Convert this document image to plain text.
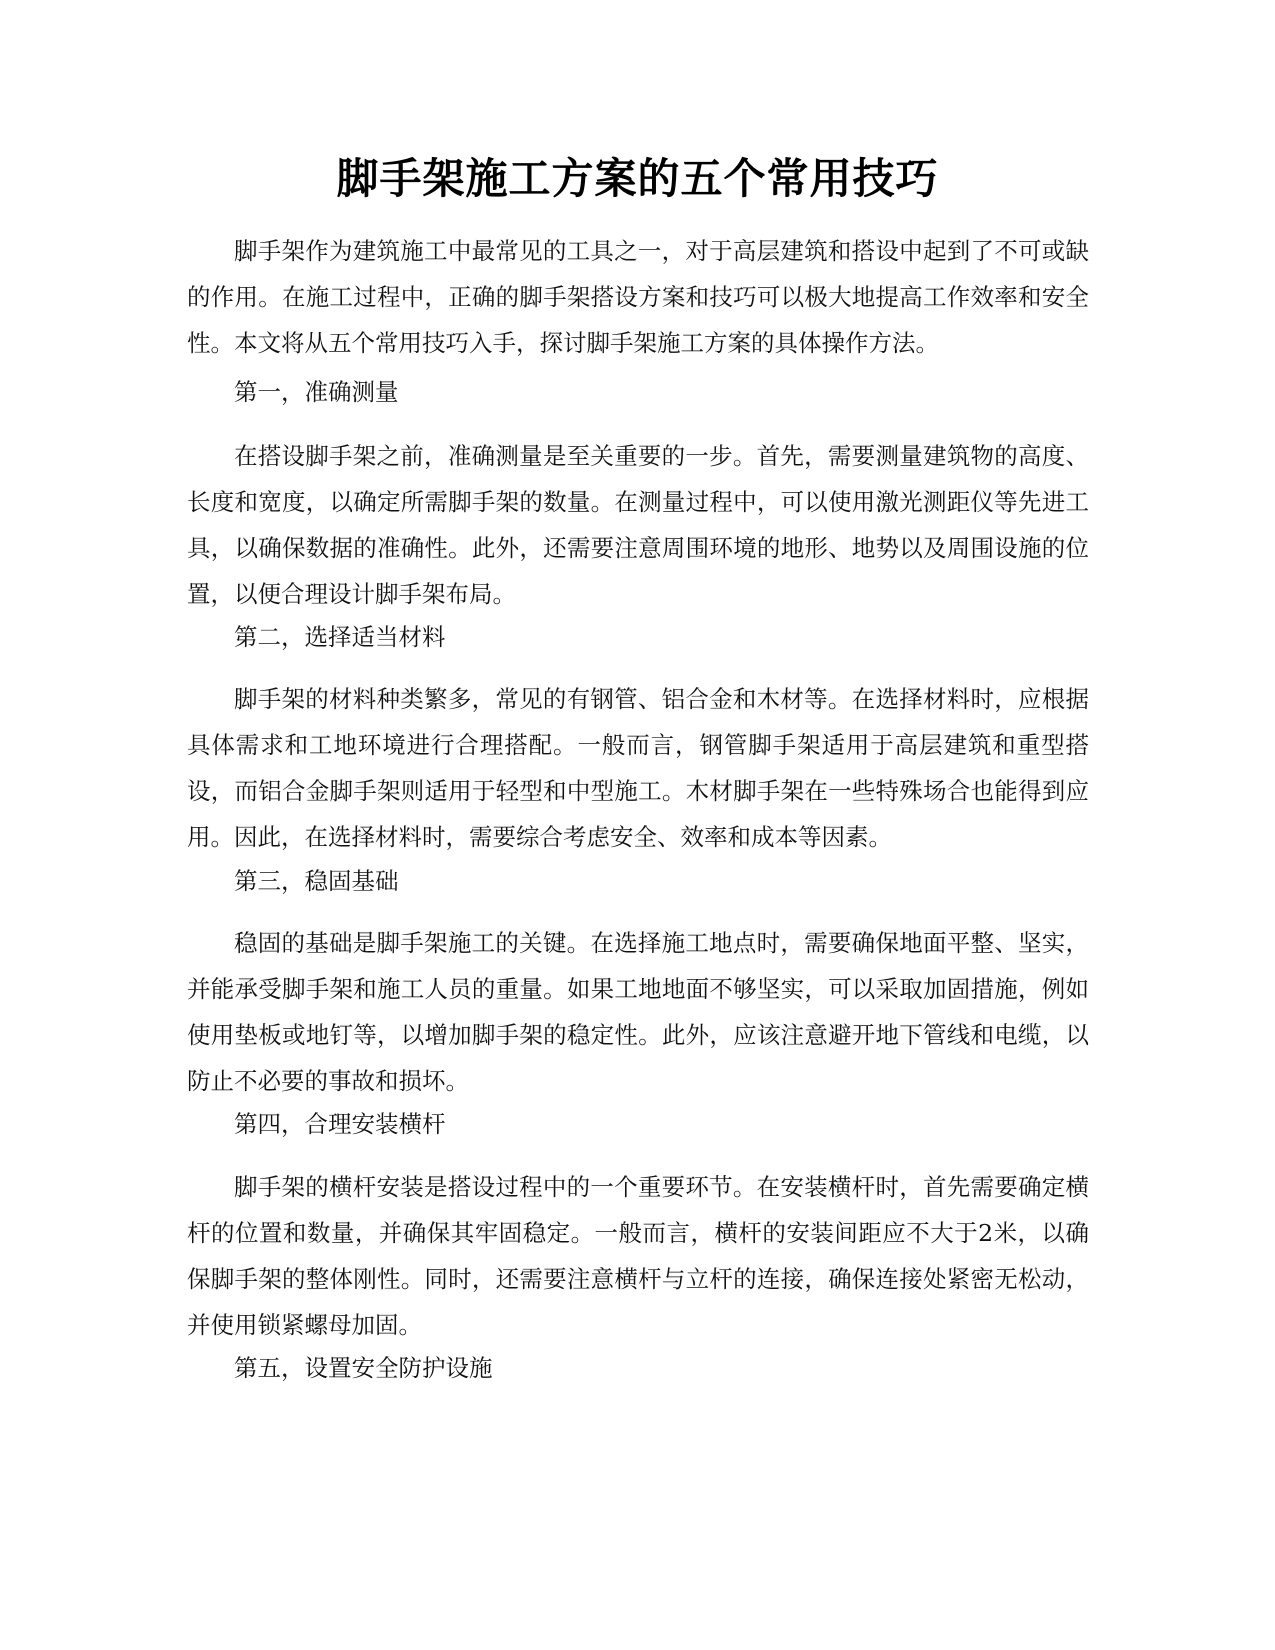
脚手架施工方案的五个常用技巧

脚手架作为建筑施工中最常见的工具之一，对于高层建筑和搭设中起到了不可或缺的作用。在施工过程中，正确的脚手架搭设方案和技巧可以极大地提高工作效率和安全性。本文将从五个常用技巧入手，探讨脚手架施工方案的具体操作方法。

第一，准确测量

在搭设脚手架之前，准确测量是至关重要的一步。首先，需要测量建筑物的高度、长度和宽度，以确定所需脚手架的数量。在测量过程中，可以使用激光测距仪等先进工具，以确保数据的准确性。此外，还需要注意周围环境的地形、地势以及周围设施的位置，以便合理设计脚手架布局。

第二，选择适当材料

脚手架的材料种类繁多，常见的有钢管、铝合金和木材等。在选择材料时，应根据具体需求和工地环境进行合理搭配。一般而言，钢管脚手架适用于高层建筑和重型搭设，而铝合金脚手架则适用于轻型和中型施工。木材脚手架在一些特殊场合也能得到应用。因此，在选择材料时，需要综合考虑安全、效率和成本等因素。

第三，稳固基础

稳固的基础是脚手架施工的关键。在选择施工地点时，需要确保地面平整、坚实，并能承受脚手架和施工人员的重量。如果工地地面不够坚实，可以采取加固措施，例如使用垫板或地钉等，以增加脚手架的稳定性。此外，应该注意避开地下管线和电缆，以防止不必要的事故和损坏。

第四，合理安装横杆

脚手架的横杆安装是搭设过程中的一个重要环节。在安装横杆时，首先需要确定横杆的位置和数量，并确保其牢固稳定。一般而言，横杆的安装间距应不大于2米，以确保脚手架的整体刚性。同时，还需要注意横杆与立杆的连接，确保连接处紧密无松动，并使用锁紧螺母加固。

第五，设置安全防护设施
